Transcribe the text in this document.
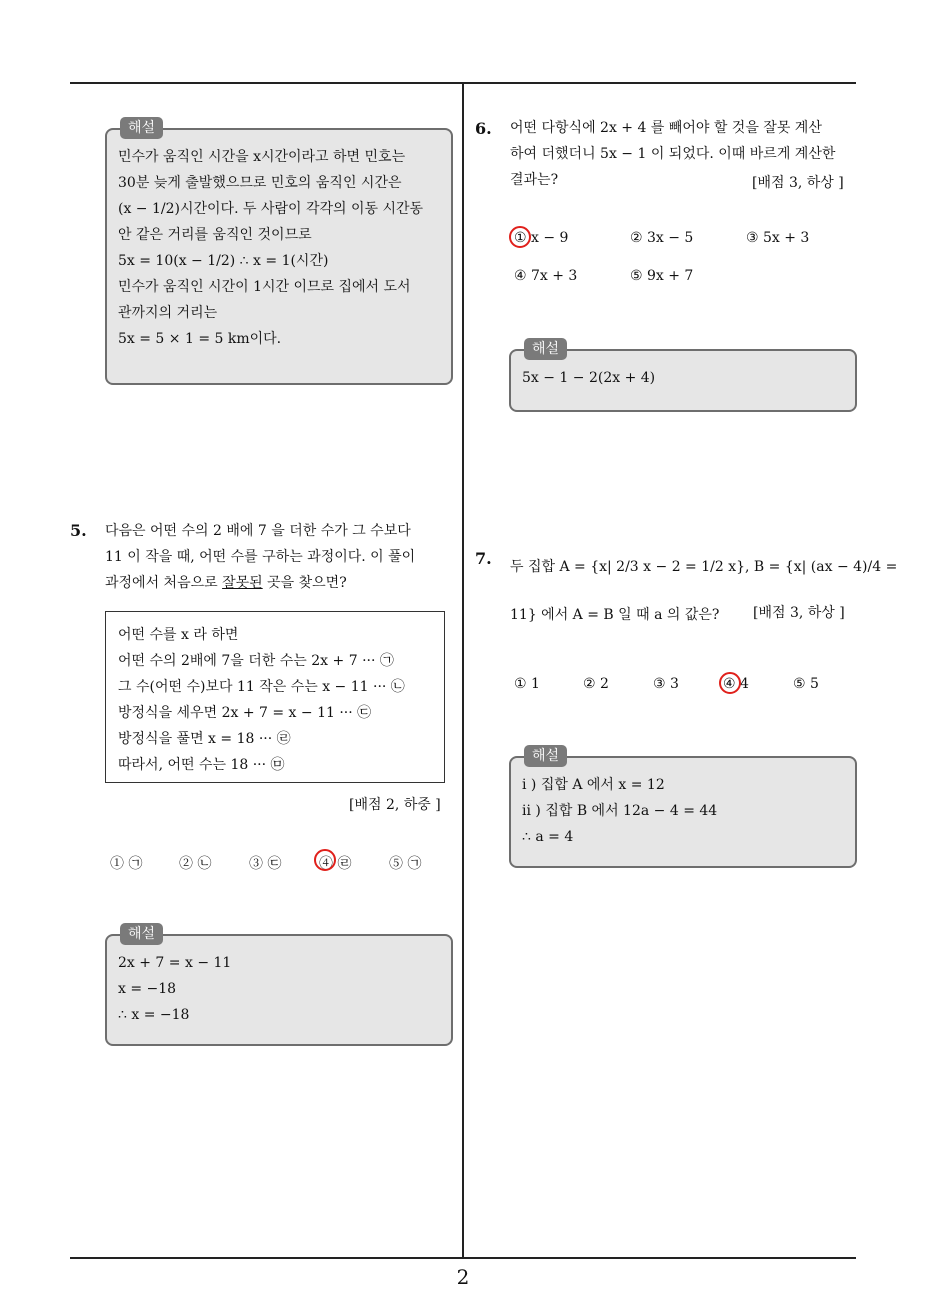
해설
민수가 움직인 시간을 x시간이라고 하면 민호는
30분 늦게 출발했으므로 민호의 움직인 시간은
(x − 1/2)시간이다. 두 사람이 각각의 이동 시간동
안 같은 거리를 움직인 것이므로
5x = 10(x − 1/2) ∴ x = 1(시간)
민수가 움직인 시간이 1시간 이므로 집에서 도서
관까지의 거리는
5x = 5 × 1 = 5 km이다.
5. 다음은 어떤 수의 2 배에 7 을 더한 수가 그 수보다
11 이 작을 때, 어떤 수를 구하는 과정이다. 이 풀이
과정에서 처음으로 잘못된 곳을 찾으면?
어떤 수를 x 라 하면
어떤 수의 2배에 7을 더한 수는 2x + 7 ··· ㉠
그 수(어떤 수)보다 11 작은 수는 x − 11 ··· ㉡
방정식을 세우면 2x + 7 = x − 11 ··· ㉢
방정식을 풀면 x = 18 ··· ㉣
따라서, 어떤 수는 18 ··· ㉤
[배점 2, 하중 ]
① ㉠	② ㉡	③ ㉢	④ ㉣	⑤ ㉠
해설
2x + 7 = x − 11
x = −18
∴ x = −18
6. 어떤 다항식에 2x + 4 를 빼어야 할 것을 잘못 계산
하여 더했더니 5x − 1 이 되었다. 이때 바르게 계산한
결과는?	[배점 3, 하상 ]
① x − 9	② 3x − 5	③ 5x + 3
④ 7x + 3	⑤ 9x + 7
해설
5x − 1 − 2(2x + 4)
7. 두 집합 A = {x| 2/3 x − 2 = 1/2 x}, B = {x| (ax − 4)/4 =
11} 에서 A = B 일 때 a 의 값은?	[배점 3, 하상 ]
① 1	② 2	③ 3	④ 4	⑤ 5
해설
i ) 집합 A 에서 x = 12
ii ) 집합 B 에서 12a − 4 = 44
∴ a = 4
2
